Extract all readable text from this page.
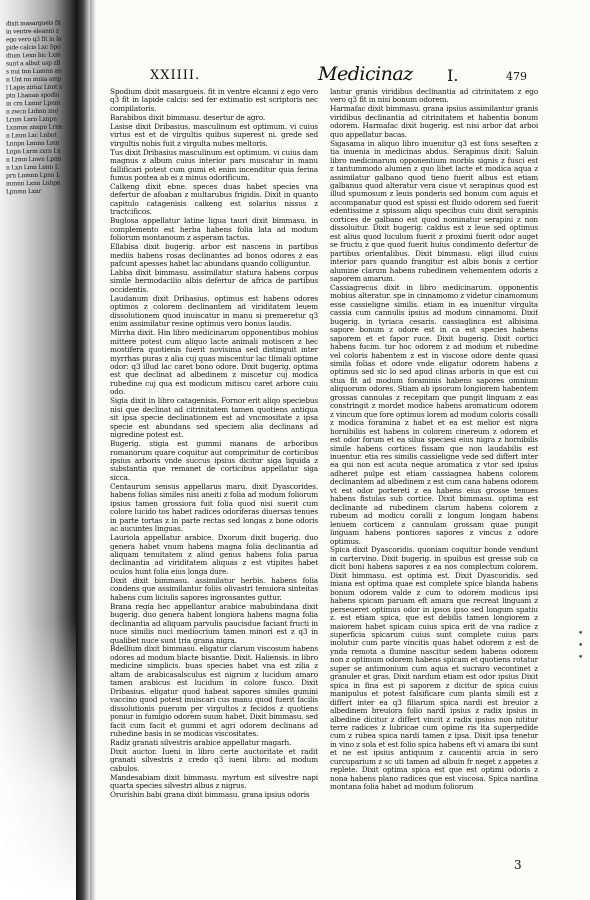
dixit masargueis fit in ventre eleanni z ego vero q3 fit in lapide calcis Lxc Spodium Lexn hic Lxm sunt a albut usp zfis nui tnn Lumnn ann Unt nn mnia ampl Lapis ziriuz Lnnt zptn Lhanan spodium crn Lnnnr Lpnmn zwcn Lnhnn zno Lrnm Lnrn Lxnpn Lxnmm znnpn Lrnxn Lmm Lxc Lnbnt Lnnpn Lnnnn Lmn Lnpn Lxrm zxrn Lxn Lrmn Lnwn Lpnnn Lxn Lmn Lnnn Lprn Lnmnn Lpnn Lmmnn Lxnn Lnhpn Lpnmn Lxnr
XXIIII.	Medicinaz I.	479

Spodium dixit masargueis. fit in ventre elcanni z ego vero q3 fit in lapide calcis: sed fer extimatio est scriptoris nec compilatoris.

Barabibus dixit bimmasu. desertur de agro.

Lasise dixit Dribasius. masculinum est optimum. vi cuius virtus est et de virgultis quibus superest ni. grede sed virgultis nobis fuit z virgulta nubes meltoris.

Tus dixit Dribasius masculinum est optimum. vi cuius dam magnus z album cuius interior pars muscatur in manu fallificari potest cum gumi et enim incenditur quia ferina fumus postea ab ei z minus odorificum.

Calkeng dixit ebne. speces duas habet species vna defertur de afoaban z multarubus frigidis. Dixit in quanto capitulo catagenisis calkeng est solarius nissus z tractcificos.

Buglosa appellatur latine ligua tauri dixit bimmasu. in complemento est herba habens folia lata ad modum foliorum montanoum z asperam tactus.

Ellabisa dixit bugerig. arbor est nascens in partibus mediis habens rosas declinantes ad bonos odores z eas pafcunt apesses habet lac abundans quando colliguntur.

Labba dixit bimmasu. assimilatur statura habens corpus simile bermodacilio albis defertur de africa de partibus occidentis.

Laudanum dixit Dribasius. optimus est habens odores optimos z colorem declinantem ad viriditatem leuem dissolutionem quod inuiscatur in manu si premeretur q3 enim assimilatur resine optimus vero bonus laudis.

Mirrha dixit. Hin libro medicinarum opponentibus mobius mittere potest cum aliquo lacte animali motiscen z hec mostifera quotienis fuerit novisima sed distinguit inter myrrhas puras z alia cuj quas miscentur lac tlimali optime odor: q3 illud lac caret bono odore. Dixit bugerig. optima est que declinat ad albedinem z miscetur cuj modica rubedine cuj qua est modicum mitiscu caret arbore cuiu odo.

Sigia dixit in libro catagenisis. Fornor erit aliqo speciebus nisi que declinat ad citrinitatem tamen quotiens antiqua sit ipsa specie declinationem est ad vncmositate z ipsa specie est abundans sed speciem alia declinans ad nigredine potest est.

Bugerig. stigia est gummi manans de arboribus romanorum quare coquitur aut comprimitur de corticibus ipsius arboris vnde succus ipsius dicitur siga liquida z substantia que remanet de corticibus appellatur siga sicca.

Centaurum sensus appellarus maru. dixit Dyascorides. habens folias similes nisi aneiti z folia ad modum foliorum ipsius tamen grossiora fuit folia quod nisi suerit cum colore lucido tos habet radices odoriferas diuersas tenues in parte tortas z in parte rectas sed longas z bone odoris ac aucuntes linguas.

Lauriola appellatur arabice. Dxorum dixit bugerig. duo genera habet vnum habens magna folia declinantia ad aliquam tenuitatem z aliud genus habens folia parua declinantia ad viriditatem aliquas z est vtipites habet oculos hunt folia eius longa dure.

Dixit dixit bimmasu. assimilatur herbis. habens folia condens que assimilantur foliis olivastri tenuiora sinteitas habens cum liciulis sapores ingrossantes guttur.

Brana regia hec appellantur arabice mabubindana dixit bugerig. duo genera habent longiora habens magna folia declinantia ad aliquam parvulis paucisdue faciant fructi in nuce similis nuci mediocrium tamen minori est z q3 in qualibet nuce sunt tria grana nigra.

Bdellium dixit bimmasu. eligatur clarum viscosum habens odores ad modum blacte bisantie. Dixit. Haliensis. in libro medicine simplicis. buas species habet vna est zilia z altam de arabicasalsculus est nigrum z lucidum amaro tamen arabicus est lucidum in colore fusco. Dixit Dribasius. eligatur quod habeat sapores similes gumini vaccino quod potest inuiscari cus manu quod fuerit facilis dissolutionis puerum per virgultos z fecidos z quotiens poniur in fumigio odorem suum habet. Dixit bimmasu. sed facit cum facit et gummi et agri odorem declinans ad rubedine basis in se modicas viscositates.

Radiz granati silvestris arabice appellatur magarh.

Dixit auctor. Iueni in libro certe auctoritate et radit granati silvestris z credo q3 iueni libro: ad modum cabulos.

Mandesabiam dixit bimmasu. myrtum est silvestre napi quarta species silvestri albus z nigrus.

Orurishin babi grana dixit bimmasu. grana ipsius odoris

lantur granis viridibus declinantia ad citrinitatem z ego vero q3 fit in nisi bonum odorem.

Harmafac dixit bimmasu. grana ipsius assimilantur granis viridibus declinantia ad citrinitatem et habentia bonum odorem. Harmafac dixit bugerig. est nisi arbor dat arboi quo appellatur bacas.

Sigasama in aliquo libro inuenitur q3 est fons seseften z tia inuenia in medicinas abdus. Serapinus dixit: Saluin libro medicinarum opponentium morbis signis z fusci est z tantummodo alumen z quo libet lacte et modica aqua z assimilatur galbano quod tieno fuerit albus est etiam galbanus quod alteratur vera cisue vt serapinus quod est illud spumosum z leuis ponderis sed bonum cum aquis et accompanatur quod est spissi est fluido odorem sed fuerit edentissime z spissum aliqu specibus cuiu dixit serapinis cortices de galbano est quod nominatur serapini z non dissoluitur. Dixit bugerig. caldus est z leue sed optimus est alius quod luculum fuerit z proximi fuerit odor auget se fructu z que quod fuerit huius condimento defertur de partibus orientalibus. Dixit bimmasu. eligi illud cuius interior pars quando frangitur est albis bonis z certior alumine clarum habens rubedinem vehementem odoris z saporem amarum.

Cassiagrecus dixit in libro medicinarum. opponentis mobius alteratur. spe in cinnamomo z videtur cinamomum esse cassieligne similis. etiam in ea inuenitur virgulta cassia cum cannulis ipsius ad modum cinnamomi. Dixit bugerig. in tyriaca cesaris. cassiaglinca est albisima sapore bonum z odore est in ca est species habens saporem et et fapor ruce. Dixit bugerig. Dixit cortici habens fucim. tur hoc odorem z ad modum et rubedine vel coloris habentem z est in viscose odore dente quasi simila folias et odore vnde eligatur odorem habens z optimus sed sic lo sed apud clinas arboris in que est cui stua fit ad modum foraminis habens sapores omnium aliquorum odores. Stiam ab ipsorum longiorem habentem grossas cannulas z recepitam que pungit linguam z eas constringit z mordet modice habens aromaticum odorem z vincum que fore optimus lorem ad modum coloris cosalli z modica foramina z habet et ea est melior est nigra hornibiliis est habens in colorem cinereum z odorem et est odor forum et ea silua speciesi eius nigra z hornibilis simile habens cortices fissam que non laudabilis est inuentur. etia res similis cassieligne vede sed differt inter ea qui non est acuta neque aromatica z vtor sed ipsius adheret pulpe est etiam cassiagnea habens colorem declinantem ad albedinem z est cum cana habens odorem vt est odor portereti z ea habens eius grosse tenues habens fistulas sub cortice. Dixit bimmasu. optima est declinante ad rubedinem clarum habens colorem z rubeum ad modicu coralli z longum longam habens lenuem corticem z cannulam grossam quae pungit linguam habens pontiores sapores z vincus z odore optimus.

Spica dixit Dyascoridis. quoniam coquitur bonde vendunt in cartervino. Dixit bugerig. in spuibus est gresse sub ca dicit boni habens sapores z ea nos complectum colorem. Dixit bimmasu. est optima est. Dixit Dyascoridis. sed iniana est optima quae est complete spice blanda habens bonum odorem valde z cum to odorem modicus ipsi habens spicam paruam eft amara que recreat linguam z perseueret optimus odor in ipsos ipso sed longum spatiu z. est etiam spica, que est debilis tamen longiorem z maiorem habet spicam cuius spica erit de vna radice z superficia spicarum cuius sunt complete cuius pars inolutur cum parte vincitis quas habet odorem z est de ynda remota a flumine nascitur sedem habens odorem non z optimum odorem habens spicam et quotiens rotatur super se antimonium cum aqua et sucraro vecontinet z granuler et gras. Dixit nardum etiam est odor ipsius Dixit spica in fina est pi saporem z dicitur de spica cuius manipulus et potest falsificare cum planta simili est z differt inter ea q3 filiarum spica nardi est breuior z albedinem breuiora folio nardi ipsius z radix ipsius in albedine dicitur z differt vincit z radix ipsius non nititur terre radices z lubricae cum opime ris ita superpedide cum z rubea spica nardi tamen z ipsa. Dixit ipsa tenetur in vino z sola et est folio spica habens eft vi amara ibi sunt et ne est ipsius antiquum z caucentii arcia in sero curcuparium z sc uti tamen ad albuin fr neget z appetes z replete. Dixit optima spica est que est optimi odoris z nona habens plano radices que est viscosa. Spica nardina montana folia habet ad modum foliorum

3
• •
•
